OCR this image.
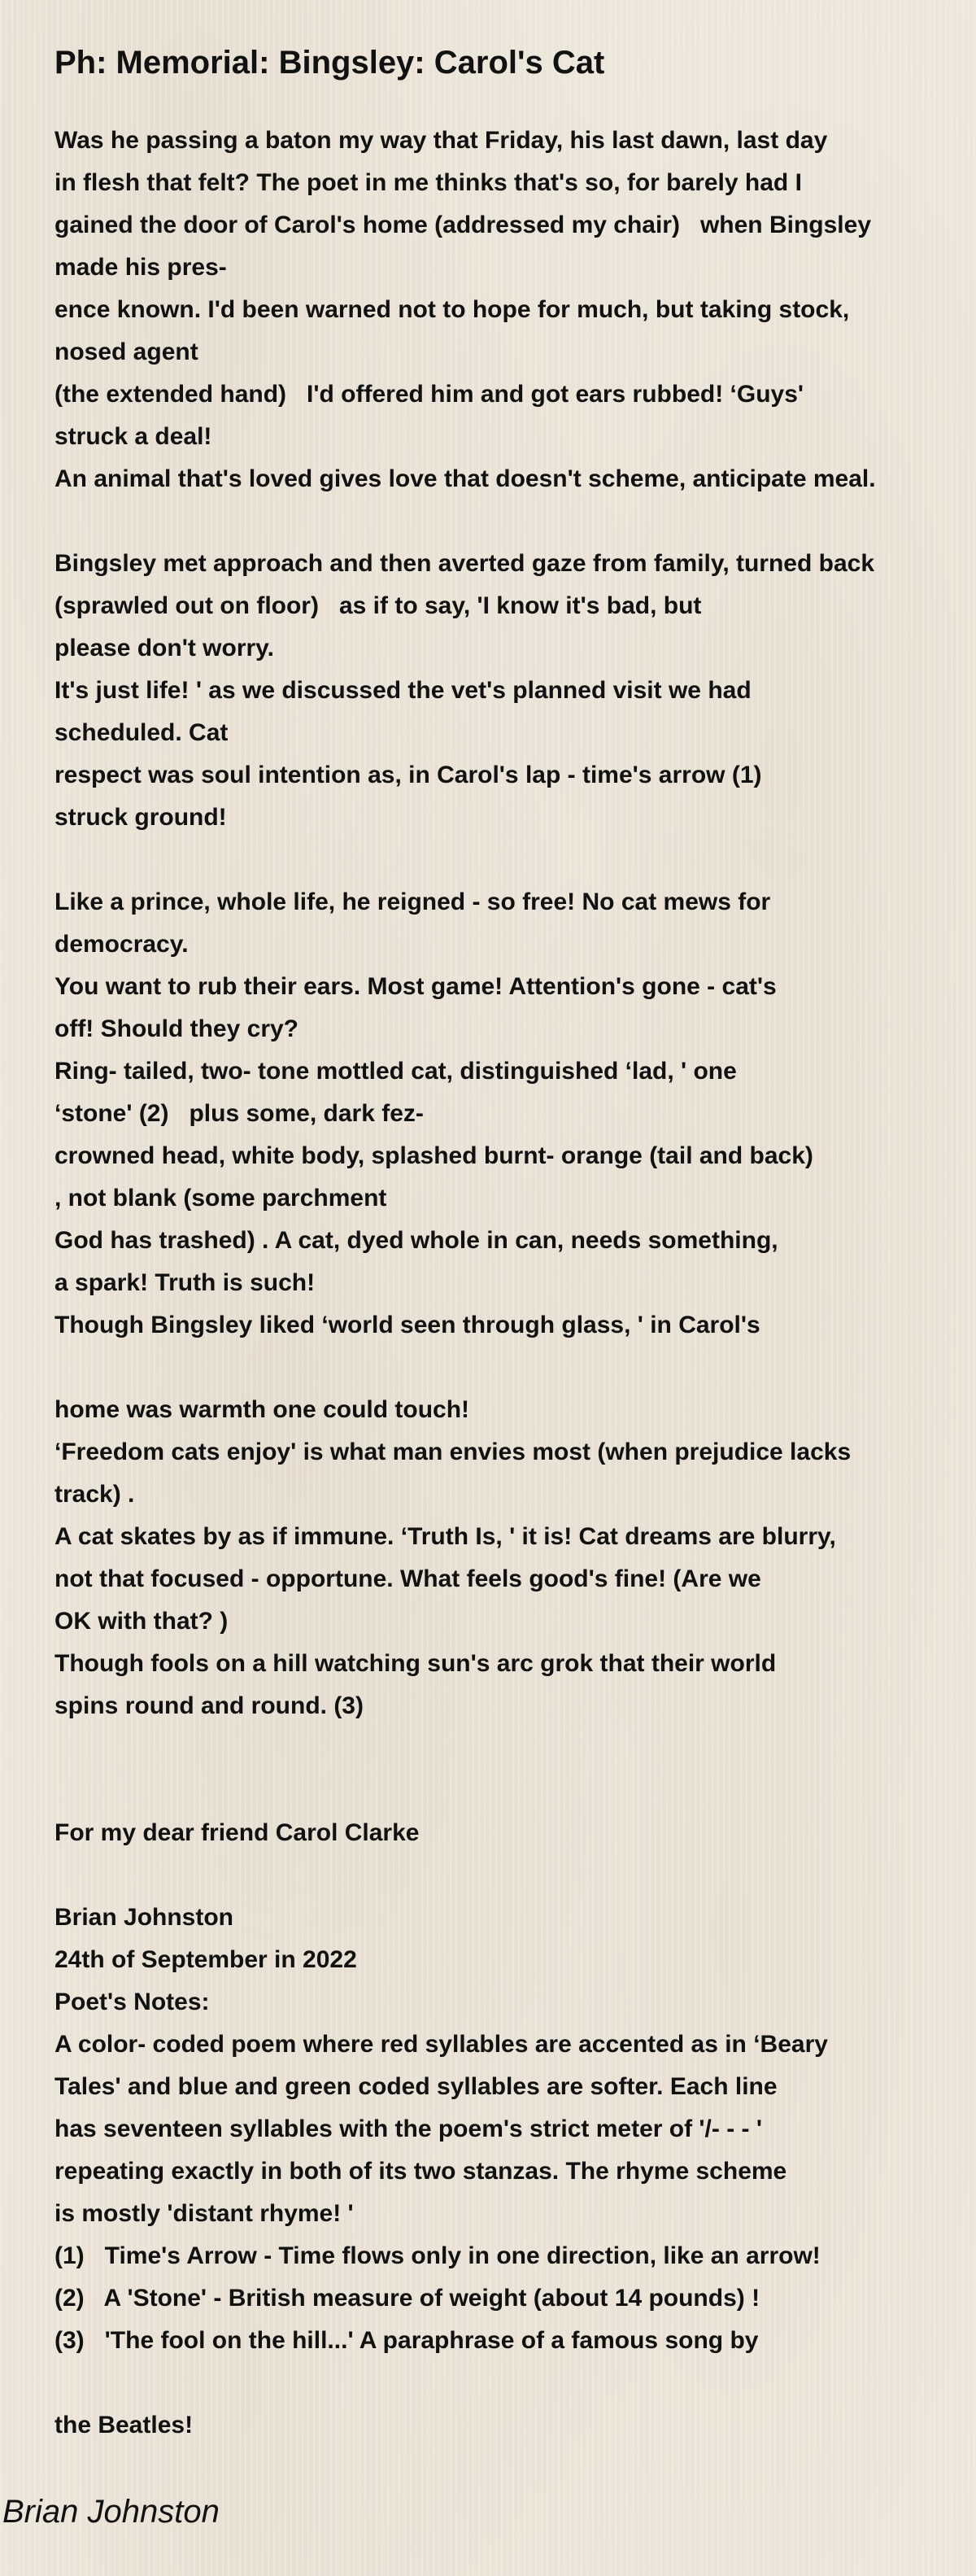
Ph: Memorial: Bingsley: Carol's Cat
Was he passing a baton my way that Friday, his last dawn, last day
in flesh that felt? The poet in me thinks that's so, for barely had I
gained the door of Carol's home (addressed my chair)   when Bingsley
made his pres-
ence known. I'd been warned not to hope for much, but taking stock,
nosed agent
(the extended hand)   I'd offered him and got ears rubbed! ‘Guys'
struck a deal!
An animal that's loved gives love that doesn't scheme, anticipate meal.
Bingsley met approach and then averted gaze from family, turned back
(sprawled out on floor)   as if to say, 'I know it's bad, but
please don't worry.
It's just life! ' as we discussed the vet's planned visit we had
scheduled. Cat
respect was soul intention as, in Carol's lap - time's arrow (1)
struck ground!
Like a prince, whole life, he reigned - so free! No cat mews for
democracy.
You want to rub their ears. Most game! Attention's gone - cat's
off! Should they cry?
Ring- tailed, two- tone mottled cat, distinguished ‘lad, ' one
‘stone' (2)   plus some, dark fez-
crowned head, white body, splashed burnt- orange (tail and back)
, not blank (some parchment
God has trashed) . A cat, dyed whole in can, needs something,
a spark! Truth is such!
Though Bingsley liked ‘world seen through glass, ' in Carol's
home was warmth one could touch!
‘Freedom cats enjoy' is what man envies most (when prejudice lacks
track) .
A cat skates by as if immune. ‘Truth Is, ' it is! Cat dreams are blurry,
not that focused - opportune. What feels good's fine! (Are we
OK with that? )
Though fools on a hill watching sun's arc grok that their world
spins round and round. (3)
For my dear friend Carol Clarke
Brian Johnston
24th of September in 2022
Poet's Notes:
A color- coded poem where red syllables are accented as in ‘Beary
Tales' and blue and green coded syllables are softer. Each line
has seventeen syllables with the poem's strict meter of '/- - - '
repeating exactly in both of its two stanzas. The rhyme scheme
is mostly 'distant rhyme! '
(1)   Time's Arrow - Time flows only in one direction, like an arrow!
(2)   A 'Stone' - British measure of weight (about 14 pounds) !
(3)   'The fool on the hill...' A paraphrase of a famous song by
the Beatles!
Brian Johnston
